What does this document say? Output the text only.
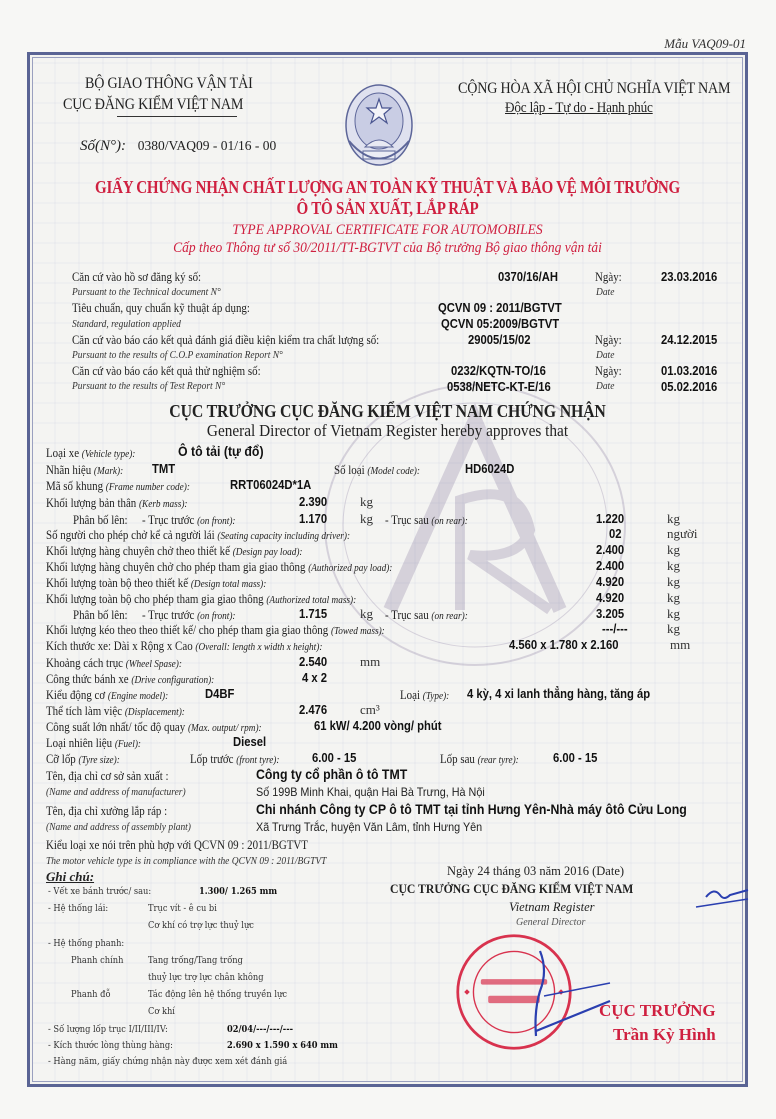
Mẫu VAQ09-01
BỘ GIAO THÔNG VẬN TẢI
CỤC ĐĂNG KIỂM VIỆT NAM
CỘNG HÒA XÃ HỘI CHỦ NGHĨA VIỆT NAM
Độc lập - Tự do - Hạnh phúc
Số(N°): 0380/VAQ09 - 01/16 - 00
GIẤY CHỨNG NHẬN CHẤT LƯỢNG AN TOÀN KỸ THUẬT VÀ BẢO VỆ MÔI TRƯỜNG
Ô TÔ SẢN XUẤT, LẮP RÁP
TYPE APPROVAL CERTIFICATE FOR AUTOMOBILES
Cấp theo Thông tư số 30/2011/TT-BGTVT của Bộ trưởng Bộ giao thông vận tải
Căn cứ vào hồ sơ đăng ký số:	0370/16/AH	Ngày:	23.03.2016
Pursuant to the Technical document N°	Date
Tiêu chuẩn, quy chuẩn kỹ thuật áp dụng:	QCVN 09 : 2011/BGTVT
Standard, regulation applied	QCVN 05:2009/BGTVT
Căn cứ vào báo cáo kết quả đánh giá điều kiện kiểm tra chất lượng số:	29005/15/02	Ngày:	24.12.2015
Pursuant to the results of C.O.P examination Report N°	Date
Căn cứ vào báo cáo kết quả thử nghiệm số:	0232/KQTN-TO/16	Ngày:	01.03.2016
Pursuant to the results of Test Report N°	0538/NETC-KT-E/16	Date	05.02.2016
CỤC TRƯỞNG CỤC ĐĂNG KIỂM VIỆT NAM CHỨNG NHẬN
General Director of Vietnam Register hereby approves that
Loại xe (Vehicle type):	Ô tô tải (tự đổ)
Nhãn hiệu (Mark): TMT	Số loại (Model code):	HD6024D
Mã số khung (Frame number code):	RRT06024D*1A
Khối lượng bản thân (Kerb mass):	2.390	kg
Phân bố lên: - Trục trước (on front):	1.170	kg - Trục sau (on rear):	1.220	kg
Số người cho phép chở kể cả người lái (Seating capacity including driver):	02	người
Khối lượng hàng chuyên chở theo thiết kế (Design pay load):	2.400	kg
Khối lượng hàng chuyên chở cho phép tham gia giao thông (Authorized pay load):	2.400	kg
Khối lượng toàn bộ theo thiết kế (Design total mass):	4.920	kg
Khối lượng toàn bộ cho phép tham gia giao thông (Authorized total mass):	4.920	kg
Phân bố lên: - Trục trước (on front):	1.715	kg - Trục sau (on rear):	3.205	kg
Khối lượng kéo theo theo thiết kế/ cho phép tham gia giao thông (Towed mass):	---/---	kg
Kích thước xe: Dài x Rộng x Cao (Overall: length x width x height):	4.560 x 1.780 x 2.160	mm
Khoảng cách trục (Wheel Spase):	2.540	mm
Công thức bánh xe (Drive configuration):	4 x 2
Kiểu động cơ (Engine model):	D4BF	Loại (Type): 4 kỳ, 4 xi lanh thẳng hàng, tăng áp
Thể tích làm việc (Displacement):	2.476	cm³
Công suất lớn nhất/ tốc độ quay (Max. output/ rpm):	61 kW/ 4.200 vòng/ phút
Loại nhiên liệu (Fuel):	Diesel
Cỡ lốp (Tyre size):	Lốp trước (front tyre):	6.00 - 15	Lốp sau (rear tyre):	6.00 - 15
Tên, địa chỉ cơ sở sản xuất :	Công ty cổ phần ô tô TMT
(Name and address of manufacturer)	Số 199B Minh Khai, quận Hai Bà Trưng, Hà Nội
Tên, địa chỉ xưởng lắp ráp :	Chi nhánh Công ty CP ô tô TMT tại tỉnh Hưng Yên-Nhà máy ôtô Cửu Long
(Name and address of assembly plant)	Xã Trưng Trắc, huyện Văn Lâm, tỉnh Hưng Yên
Kiểu loại xe nói trên phù hợp với QCVN 09 : 2011/BGTVT
The motor vehicle type is in compliance with the QCVN 09 : 2011/BGTVT
Ghi chú:
- Vết xe bánh trước/ sau:	1.300/ 1.265 mm
- Hệ thống lái:	Trục vít - ê cu bi
Cơ khí có trợ lực thuỷ lực
- Hệ thống phanh:
Phanh chính	Tang trống/Tang trống
thuỷ lực trợ lực chân không
Phanh đỗ	Tác động lên hệ thống truyền lực
Cơ khí
- Số lượng lốp trục I/II/III/IV:	02/04/---/---/---
- Kích thước lòng thùng hàng:	2.690 x 1.590 x 640 mm
- Hàng năm, giấy chứng nhận này được xem xét đánh giá
Ngày 24 tháng 03 năm 2016 (Date)
CỤC TRƯỞNG CỤC ĐĂNG KIỂM VIỆT NAM
Vietnam Register
General Director
CỤC TRƯỞNG
Trần Kỳ Hình
